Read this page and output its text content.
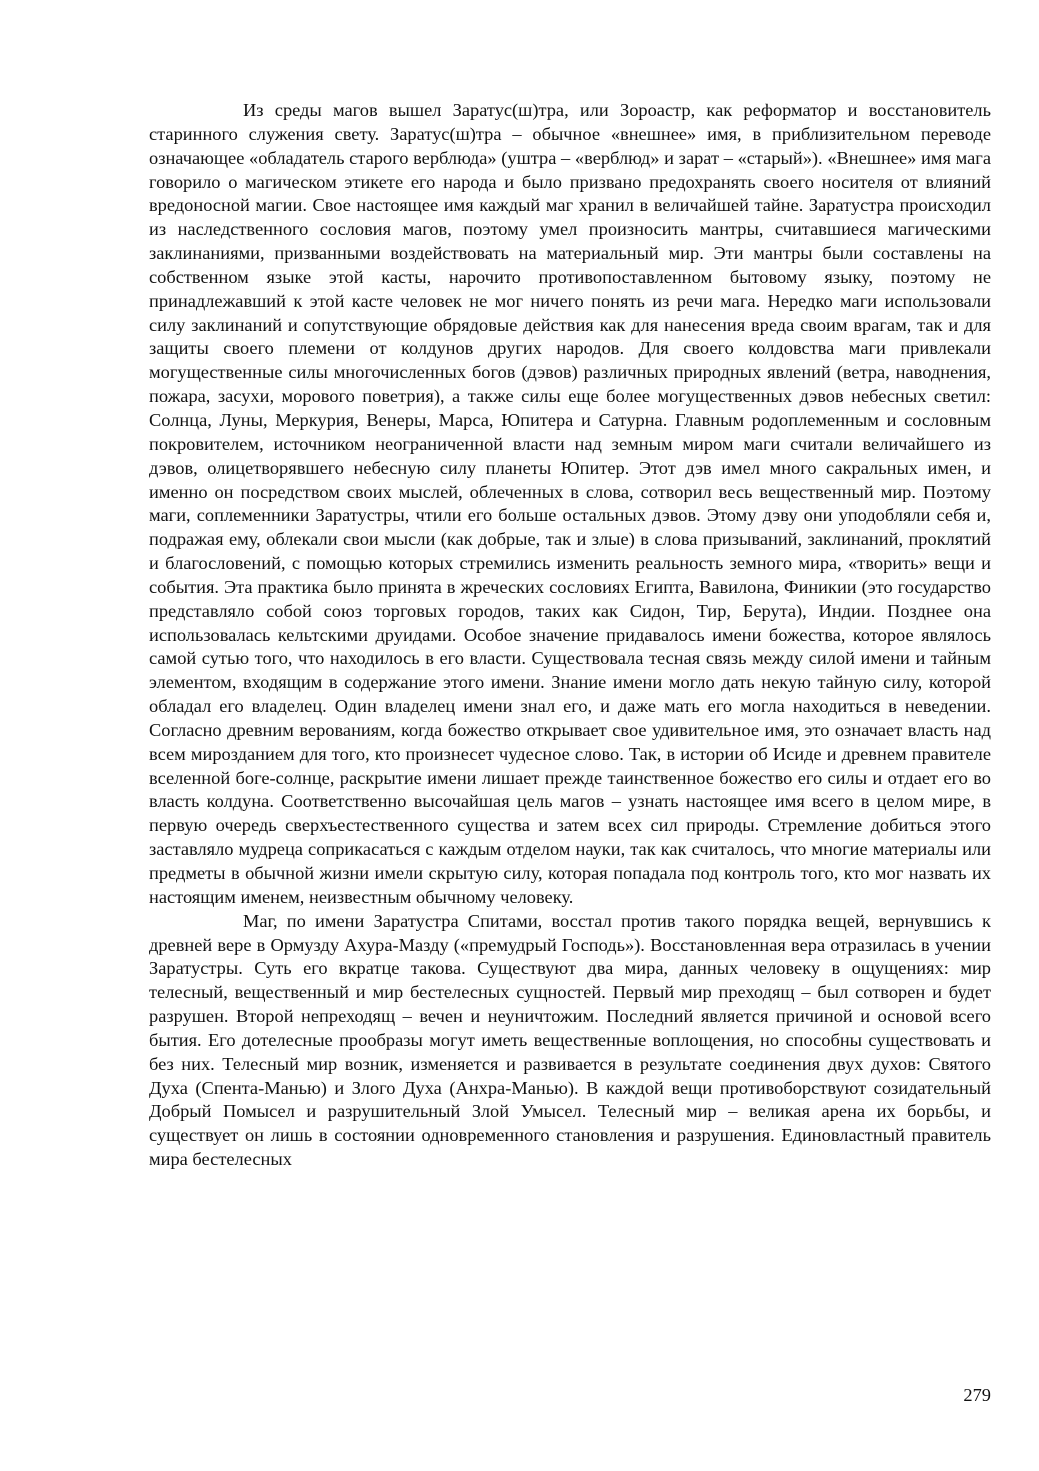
Из среды магов вышел Заратус(ш)тра, или Зороастр, как реформатор и восстановитель старинного служения свету. Заратус(ш)тра – обычное «внешнее» имя, в приблизительном переводе означающее «обладатель старого верблюда» (уштра – «верблюд» и зарат – «старый»). «Внешнее» имя мага говорило о магическом этикете его народа и было призвано предохранять своего носителя от влияний вредоносной магии. Свое настоящее имя каждый маг хранил в величайшей тайне. Заратустра происходил из наследственного сословия магов, поэтому умел произносить мантры, считавшиеся магическими заклинаниями, призванными воздействовать на материальный мир. Эти мантры были составлены на собственном языке этой касты, нарочито противопоставленном бытовому языку, поэтому не принадлежавший к этой касте человек не мог ничего понять из речи мага. Нередко маги использовали силу заклинаний и сопутствующие обрядовые действия как для нанесения вреда своим врагам, так и для защиты своего племени от колдунов других народов. Для своего колдовства маги привлекали могущественные силы многочисленных богов (дэвов) различных природных явлений (ветра, наводнения, пожара, засухи, морового поветрия), а также силы еще более могущественных дэвов небесных светил: Солнца, Луны, Меркурия, Венеры, Марса, Юпитера и Сатурна. Главным родоплеменным и сословным покровителем, источником неограниченной власти над земным миром маги считали величайшего из дэвов, олицетворявшего небесную силу планеты Юпитер. Этот дэв имел много сакральных имен, и именно он посредством своих мыслей, облеченных в слова, сотворил весь вещественный мир. Поэтому маги, соплеменники Заратустры, чтили его больше остальных дэвов. Этому дэву они уподобляли себя и, подражая ему, облекали свои мысли (как добрые, так и злые) в слова призываний, заклинаний, проклятий и благословений, с помощью которых стремились изменить реальность земного мира, «творить» вещи и события. Эта практика было принята в жреческих сословиях Египта, Вавилона, Финикии (это государство представляло собой союз торговых городов, таких как Сидон, Тир, Берута), Индии. Позднее она использовалась кельтскими друидами. Особое значение придавалось имени божества, которое являлось самой сутью того, что находилось в его власти. Существовала тесная связь между силой имени и тайным элементом, входящим в содержание этого имени. Знание имени могло дать некую тайную силу, которой обладал его владелец. Один владелец имени знал его, и даже мать его могла находиться в неведении. Согласно древним верованиям, когда божество открывает свое удивительное имя, это означает власть над всем мирозданием для того, кто произнесет чудесное слово. Так, в истории об Исиде и древнем правителе вселенной боге-солнце, раскрытие имени лишает прежде таинственное божество его силы и отдает его во власть колдуна. Соответственно высочайшая цель магов – узнать настоящее имя всего в целом мире, в первую очередь сверхъестественного существа и затем всех сил природы. Стремление добиться этого заставляло мудреца соприкасаться с каждым отделом науки, так как считалось, что многие материалы или предметы в обычной жизни имели скрытую силу, которая попадала под контроль того, кто мог назвать их настоящим именем, неизвестным обычному человеку.

Маг, по имени Заратустра Спитами, восстал против такого порядка вещей, вернувшись к древней вере в Ормузду Ахура-Мазду («премудрый Господь»). Восстановленная вера отразилась в учении Заратустры. Суть его вкратце такова. Существуют два мира, данных человеку в ощущениях: мир телесный, вещественный и мир бестелесных сущностей. Первый мир преходящ – был сотворен и будет разрушен. Второй непреходящ – вечен и неуничтожим. Последний является причиной и основой всего бытия. Его дотелесные прообразы могут иметь вещественные воплощения, но способны существовать и без них. Телесный мир возник, изменяется и развивается в результате соединения двух духов: Святого Духа (Спента-Манью) и Злого Духа (Анхра-Манью). В каждой вещи противоборствуют созидательный Добрый Помысел и разрушительный Злой Умысел. Телесный мир – великая арена их борьбы, и существует он лишь в состоянии одновременного становления и разрушения. Единовластный правитель мира бестелесных

279
